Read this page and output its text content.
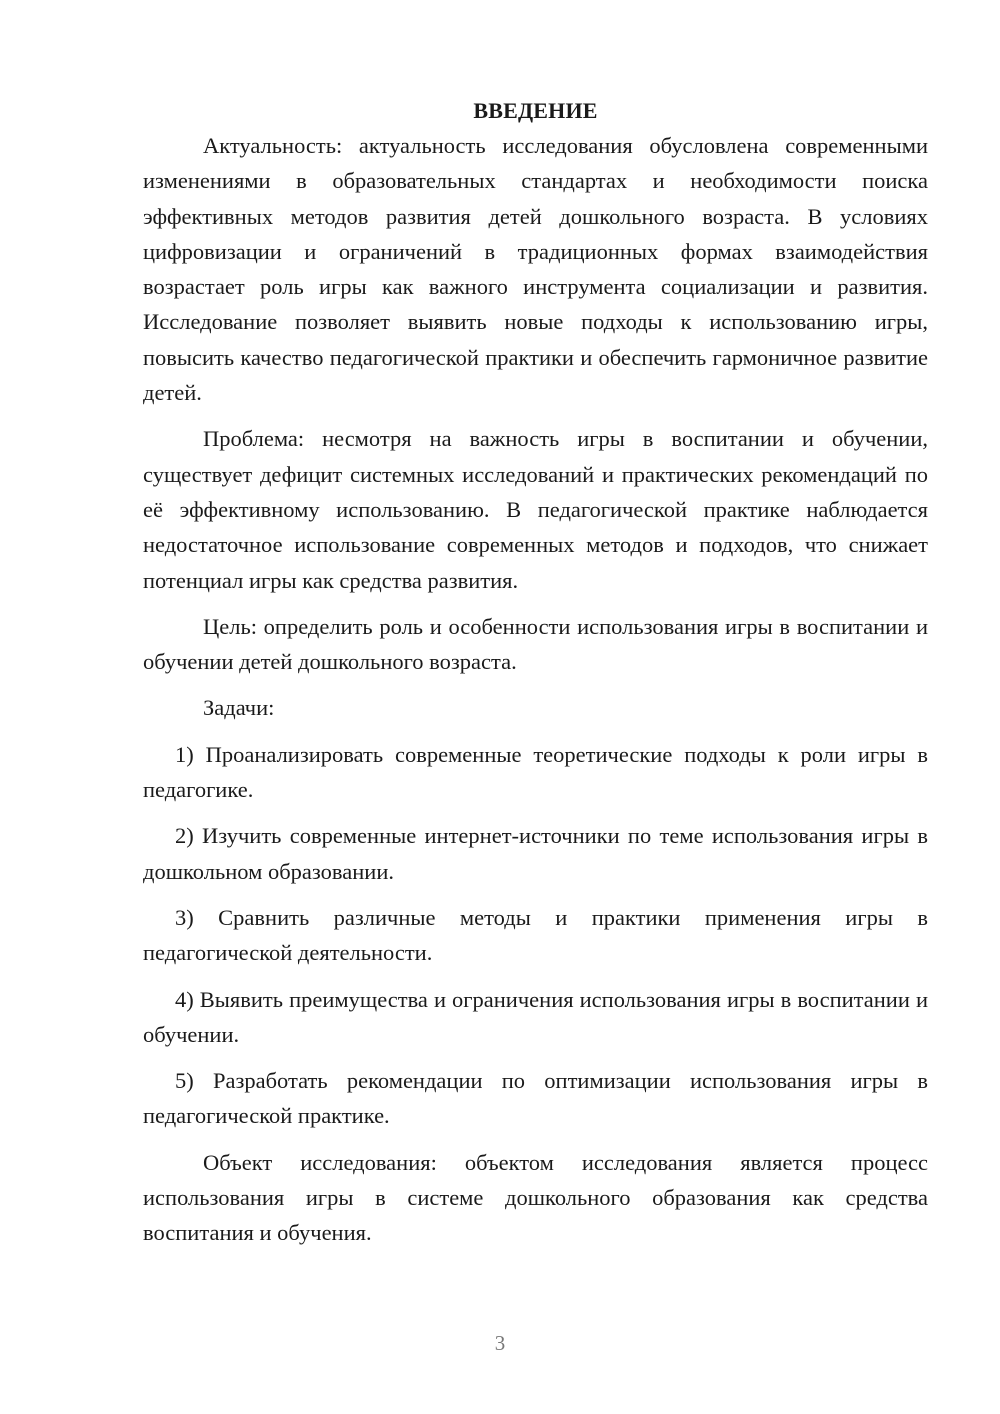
ВВЕДЕНИЕ

Актуальность: актуальность исследования обусловлена современными изменениями в образовательных стандартах и необходимости поиска эффективных методов развития детей дошкольного возраста. В условиях цифровизации и ограничений в традиционных формах взаимодействия возрастает роль игры как важного инструмента социализации и развития. Исследование позволяет выявить новые подходы к использованию игры, повысить качество педагогической практики и обеспечить гармоничное развитие детей.

Проблема: несмотря на важность игры в воспитании и обучении, существует дефицит системных исследований и практических рекомендаций по её эффективному использованию. В педагогической практике наблюдается недостаточное использование современных методов и подходов, что снижает потенциал игры как средства развития.

Цель: определить роль и особенности использования игры в воспитании и обучении детей дошкольного возраста.

Задачи:

1) Проанализировать современные теоретические подходы к роли игры в педагогике.

2) Изучить современные интернет-источники по теме использования игры в дошкольном образовании.

3) Сравнить различные методы и практики применения игры в педагогической деятельности.

4) Выявить преимущества и ограничения использования игры в воспитании и обучении.

5) Разработать рекомендации по оптимизации использования игры в педагогической практике.

Объект исследования: объектом исследования является процесс использования игры в системе дошкольного образования как средства воспитания и обучения.

3
